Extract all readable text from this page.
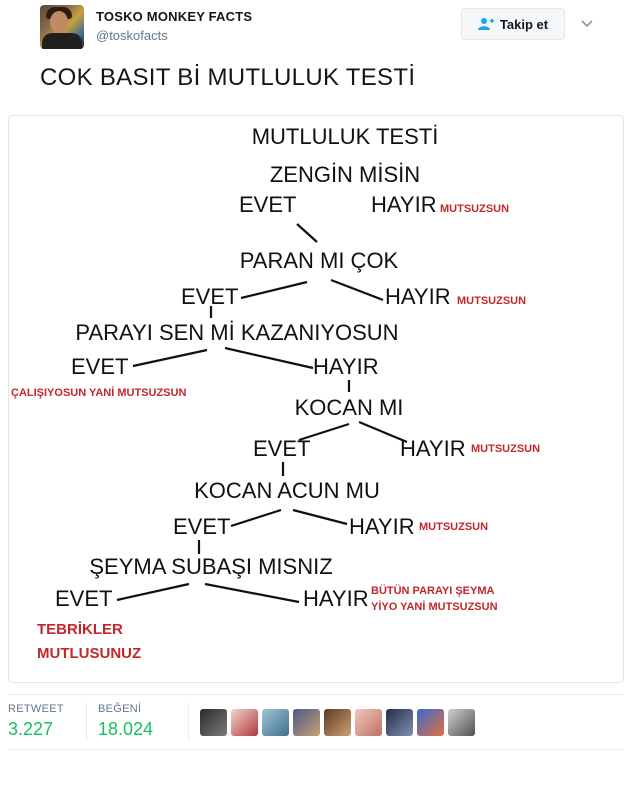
TOSKO MONKEY FACTS
@toskofacts
Takip et
COK BASIT Bİ MUTLULUK TESTİ
MUTLULUK TESTİ
ZENGİN MİSİN
EVET	HAYIR MUTSUZSUN
PARAN MI ÇOK
EVET	HAYIR MUTSUZSUN
PARAYI SEN Mİ KAZANIYOSUN
EVET
ÇALIŞIYOSUN YANİ MUTSUZSUN
HAYIR
KOCAN MI
EVET	HAYIR MUTSUZSUN
KOCAN ACUN MU
EVET	HAYIR MUTSUZSUN
ŞEYMA SUBAŞI MISNIZ
EVET	HAYIR BÜTÜN PARAYI ŞEYMA
YİYO YANİ MUTSUZSUN
TEBRİKLER
MUTLUSUNUZ
RETWEET
3.227
BEĞENİ
18.024
